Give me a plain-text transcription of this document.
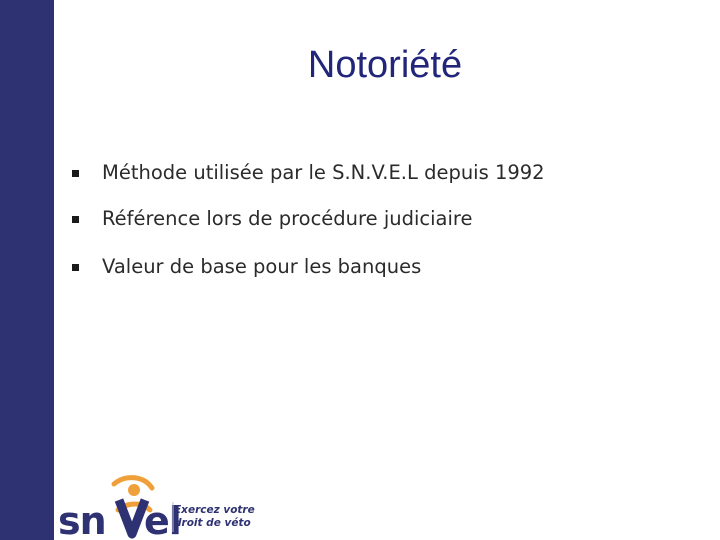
Notoriété
Méthode utilisée par le S.N.V.E.L depuis 1992
Référence lors de procédure judiciaire
Valeur de base pour les banques
sn el
Exercez votre
droit de véto
